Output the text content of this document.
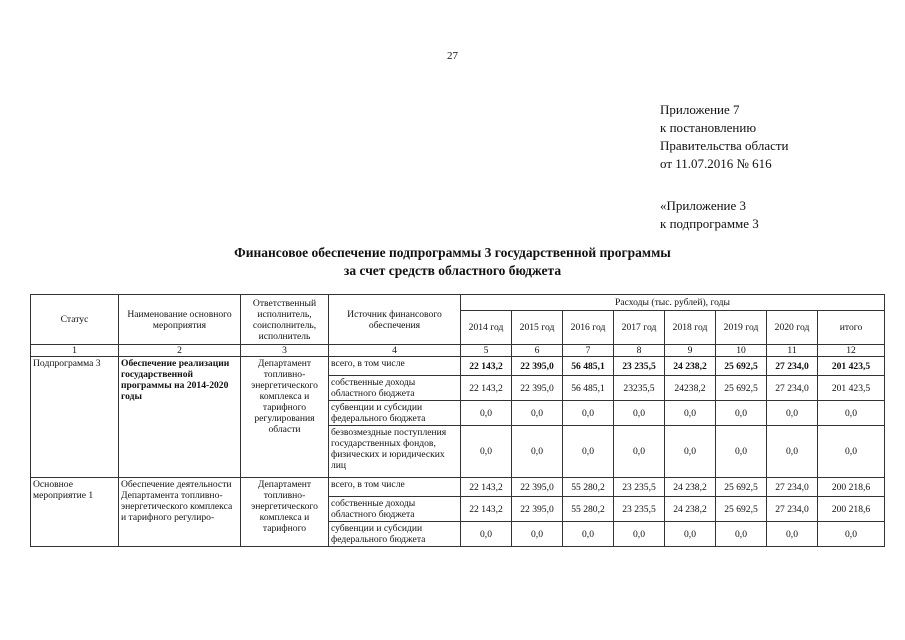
27
Приложение 7
к постановлению
Правительства области
от 11.07.2016 № 616
«Приложение 3
к подпрограмме 3
Финансовое обеспечение подпрограммы 3 государственной программы
за счет средств областного бюджета
Статус	Наименование основного мероприятия	Ответственный исполнитель, соисполнитель, исполнитель	Источник финансового обеспечения	Расходы (тыс. рублей), годы							
				2014 год	2015 год	2016 год	2017 год	2018 год	2019 год	2020 год	итого
1	2	3	4	5	6	7	8	9	10	11	12
Подпрограмма 3	Обеспечение реализации государственной программы на 2014-2020 годы	Департамент топливно-энергетического комплекса и тарифного регулирования области	всего, в том числе	22 143,2	22 395,0	56 485,1	23 235,5	24 238,2	25 692,5	27 234,0	201 423,5
			собственные доходы областного бюджета	22 143,2	22 395,0	56 485,1	23235,5	24238,2	25 692,5	27 234,0	201 423,5
			субвенции и субсидии федерального бюджета	0,0	0,0	0,0	0,0	0,0	0,0	0,0	0,0
			безвозмездные поступления государственных фондов, физических и юридических лиц	0,0	0,0	0,0	0,0	0,0	0,0	0,0	0,0
Основное мероприятие 1	Обеспечение деятельности Департамента топливно-энергетического комплекса и тарифного регулиро-	Департамент топливно-энергетического комплекса и тарифного	всего, в том числе	22 143,2	22 395,0	55 280,2	23 235,5	24 238,2	25 692,5	27 234,0	200 218,6
			собственные доходы областного бюджета	22 143,2	22 395,0	55 280,2	23 235,5	24 238,2	25 692,5	27 234,0	200 218,6
			субвенции и субсидии федерального бюджета	0,0	0,0	0,0	0,0	0,0	0,0	0,0	0,0
